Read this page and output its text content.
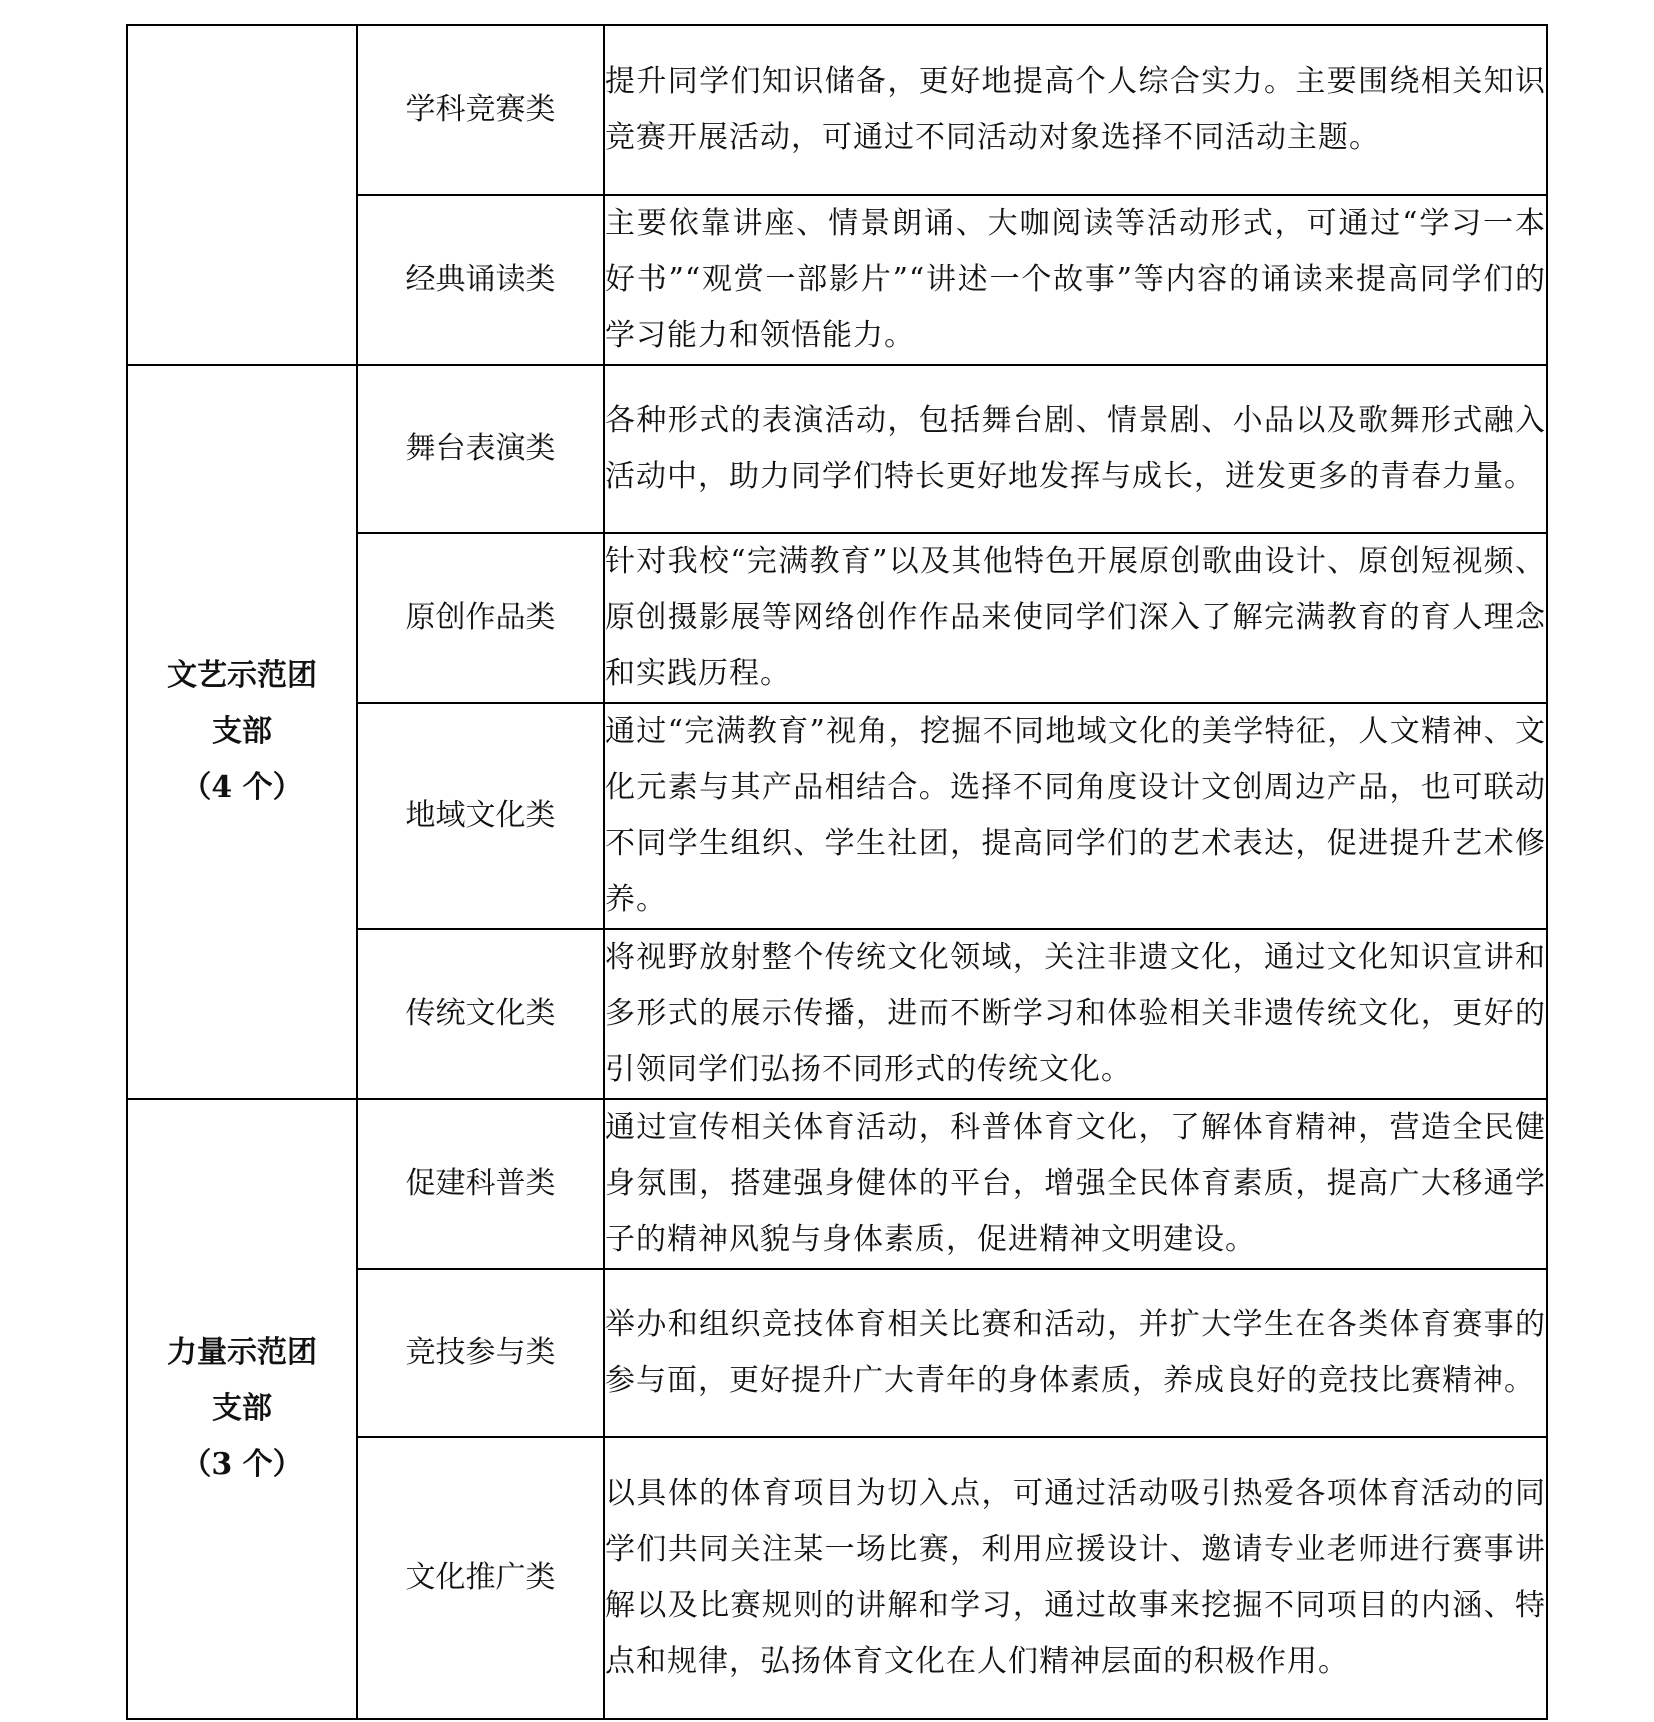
	学科竞赛类	提升同学们知识储备，更好地提高个人综合实力。主要围绕相关知识竞赛开展活动，可通过不同活动对象选择不同活动主题。
	经典诵读类	主要依靠讲座、情景朗诵、大咖阅读等活动形式，可通过“学习一本好书”“观赏一部影片”“讲述一个故事”等内容的诵读来提高同学们的学习能力和领悟能力。

文艺示范团
支部
（4 个）	舞台表演类	各种形式的表演活动，包括舞台剧、情景剧、小品以及歌舞形式融入活动中，助力同学们特长更好地发挥与成长，迸发更多的青春力量。
	原创作品类	针对我校“完满教育”以及其他特色开展原创歌曲设计、原创短视频、原创摄影展等网络创作作品来使同学们深入了解完满教育的育人理念和实践历程。
	地域文化类	通过“完满教育”视角，挖掘不同地域文化的美学特征，人文精神、文化元素与其产品相结合。选择不同角度设计文创周边产品，也可联动不同学生组织、学生社团，提高同学们的艺术表达，促进提升艺术修养。
	传统文化类	将视野放射整个传统文化领域，关注非遗文化，通过文化知识宣讲和多形式的展示传播，进而不断学习和体验相关非遗传统文化，更好的引领同学们弘扬不同形式的传统文化。

力量示范团
支部
（3 个）	促建科普类	通过宣传相关体育活动，科普体育文化，了解体育精神，营造全民健身氛围，搭建强身健体的平台，增强全民体育素质，提高广大移通学子的精神风貌与身体素质，促进精神文明建设。
	竞技参与类	举办和组织竞技体育相关比赛和活动，并扩大学生在各类体育赛事的参与面，更好提升广大青年的身体素质，养成良好的竞技比赛精神。
	文化推广类	以具体的体育项目为切入点，可通过活动吸引热爱各项体育活动的同学们共同关注某一场比赛，利用应援设计、邀请专业老师进行赛事讲解以及比赛规则的讲解和学习，通过故事来挖掘不同项目的内涵、特点和规律，弘扬体育文化在人们精神层面的积极作用。
